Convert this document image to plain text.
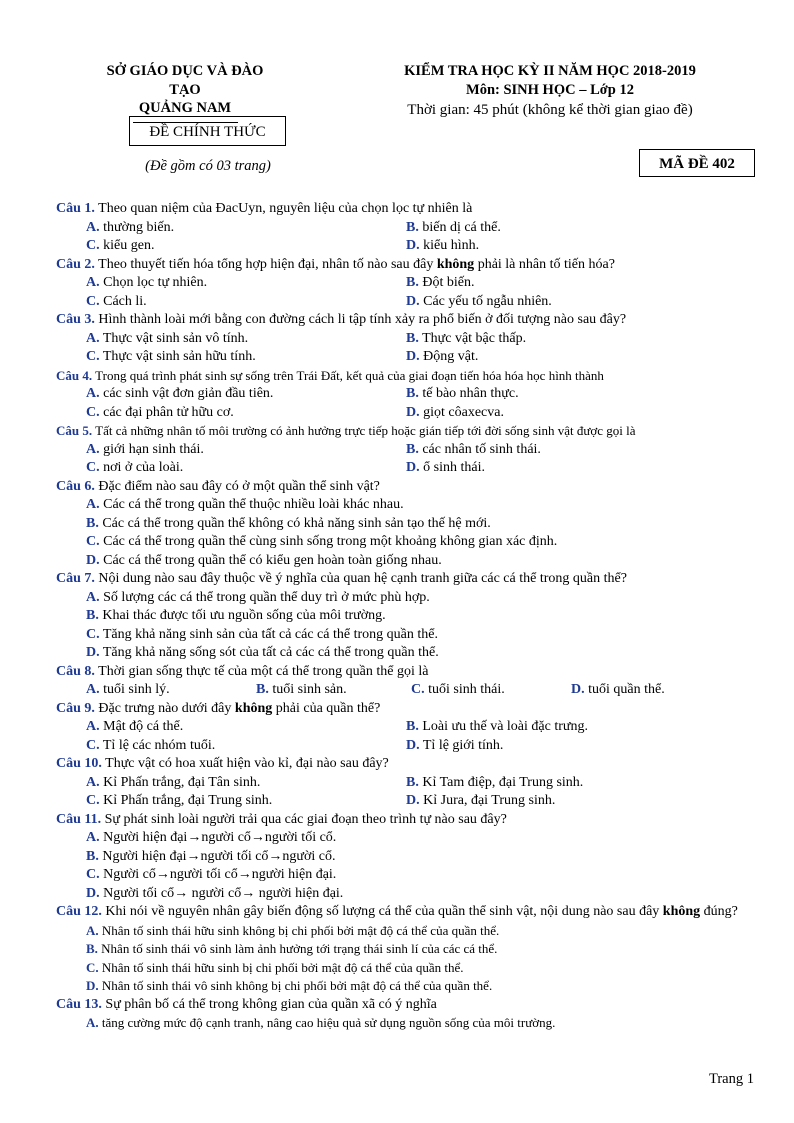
SỞ GIÁO DỤC VÀ ĐÀO TẠO
QUẢNG NAM
ĐỀ CHÍNH THỨC
(Đề gồm có 03 trang)
KIỂM TRA HỌC KỲ II NĂM HỌC 2018-2019
Môn: SINH HỌC – Lớp 12
Thời gian: 45 phút (không kể thời gian giao đề)
MÃ ĐỀ 402
Câu 1. Theo quan niệm của ĐacUyn, nguyên liệu của chọn lọc tự nhiên là
A. thường biến.	B. biến dị cá thể.
C. kiểu gen.	D. kiểu hình.
Câu 2. Theo thuyết tiến hóa tổng hợp hiện đại, nhân tố nào sau đây không phải là nhân tố tiến hóa?
A. Chọn lọc tự nhiên.	B. Đột biến.
C. Cách li.	D. Các yếu tố ngẫu nhiên.
Câu 3. Hình thành loài mới bằng con đường cách li tập tính xảy ra phổ biến ở đối tượng nào sau đây?
A. Thực vật sinh sản vô tính.	B. Thực vật bậc thấp.
C. Thực vật sinh sản hữu tính.	D. Động vật.
Câu 4. Trong quá trình phát sinh sự sống trên Trái Đất, kết quả của giai đoạn tiến hóa hóa học hình thành
A. các sinh vật đơn giản đầu tiên.	B. tế bào nhân thực.
C. các đại phân tử hữu cơ.	D. giọt côaxecva.
Câu 5. Tất cả những nhân tố môi trường có ảnh hưởng trực tiếp hoặc gián tiếp tới đời sống sinh vật được gọi là
A. giới hạn sinh thái.	B. các nhân tố sinh thái.
C. nơi ở của loài.	D. ổ sinh thái.
Câu 6. Đặc điểm nào sau đây có ở một quần thể sinh vật?
A. Các cá thể trong quần thể thuộc nhiều loài khác nhau.
B. Các cá thể trong quần thể không có khả năng sinh sản tạo thế hệ mới.
C. Các cá thể trong quần thể cùng sinh sống trong một khoảng không gian xác định.
D. Các cá thể trong quần thể có kiểu gen hoàn toàn giống nhau.
Câu 7. Nội dung nào sau đây thuộc về ý nghĩa của quan hệ cạnh tranh giữa các cá thể trong quần thể?
A. Số lượng các cá thể trong quần thể duy trì ở mức phù hợp.
B. Khai thác được tối ưu nguồn sống của môi trường.
C. Tăng khả năng sinh sản của tất cả các cá thể trong quần thể.
D. Tăng khả năng sống sót của tất cả các cá thể trong quần thể.
Câu 8. Thời gian sống thực tế của một cá thể trong quần thể gọi là
A. tuổi sinh lý.	B. tuổi sinh sản.	C. tuổi sinh thái.	D. tuổi quần thể.
Câu 9. Đặc trưng nào dưới đây không phải của quần thể?
A. Mật độ cá thể.	B. Loài ưu thế và loài đặc trưng.
C. Tỉ lệ các nhóm tuổi.	D. Tỉ lệ giới tính.
Câu 10. Thực vật có hoa xuất hiện vào kỉ, đại nào sau đây?
A. Kỉ Phấn trắng, đại Tân sinh.	B. Kỉ Tam điệp, đại Trung sinh.
C. Kỉ Phấn trắng, đại Trung sinh.	D. Kỉ Jura, đại Trung sinh.
Câu 11. Sự phát sinh loài người trải qua các giai đoạn theo trình tự nào sau đây?
A. Người hiện đại→người cổ→người tối cổ.
B. Người hiện đại→người tối cổ→người cổ.
C. Người cổ→người tối cổ→người hiện đại.
D. Người tối cổ→ người cổ→ người hiện đại.
Câu 12. Khi nói về nguyên nhân gây biến động số lượng cá thể của quần thể sinh vật, nội dung nào sau đây không đúng?
A. Nhân tố sinh thái hữu sinh không bị chi phối bởi mật độ cá thể của quần thể.
B. Nhân tố sinh thái vô sinh làm ảnh hưởng tới trạng thái sinh lí của các cá thể.
C. Nhân tố sinh thái hữu sinh bị chi phối bởi mật độ cá thể của quần thể.
D. Nhân tố sinh thái vô sinh không bị chi phối bởi mật độ cá thể của quần thể.
Câu 13. Sự phân bố cá thể trong không gian của quần xã có ý nghĩa
A. tăng cường mức độ cạnh tranh, nâng cao hiệu quả sử dụng nguồn sống của môi trường.
Trang 1
